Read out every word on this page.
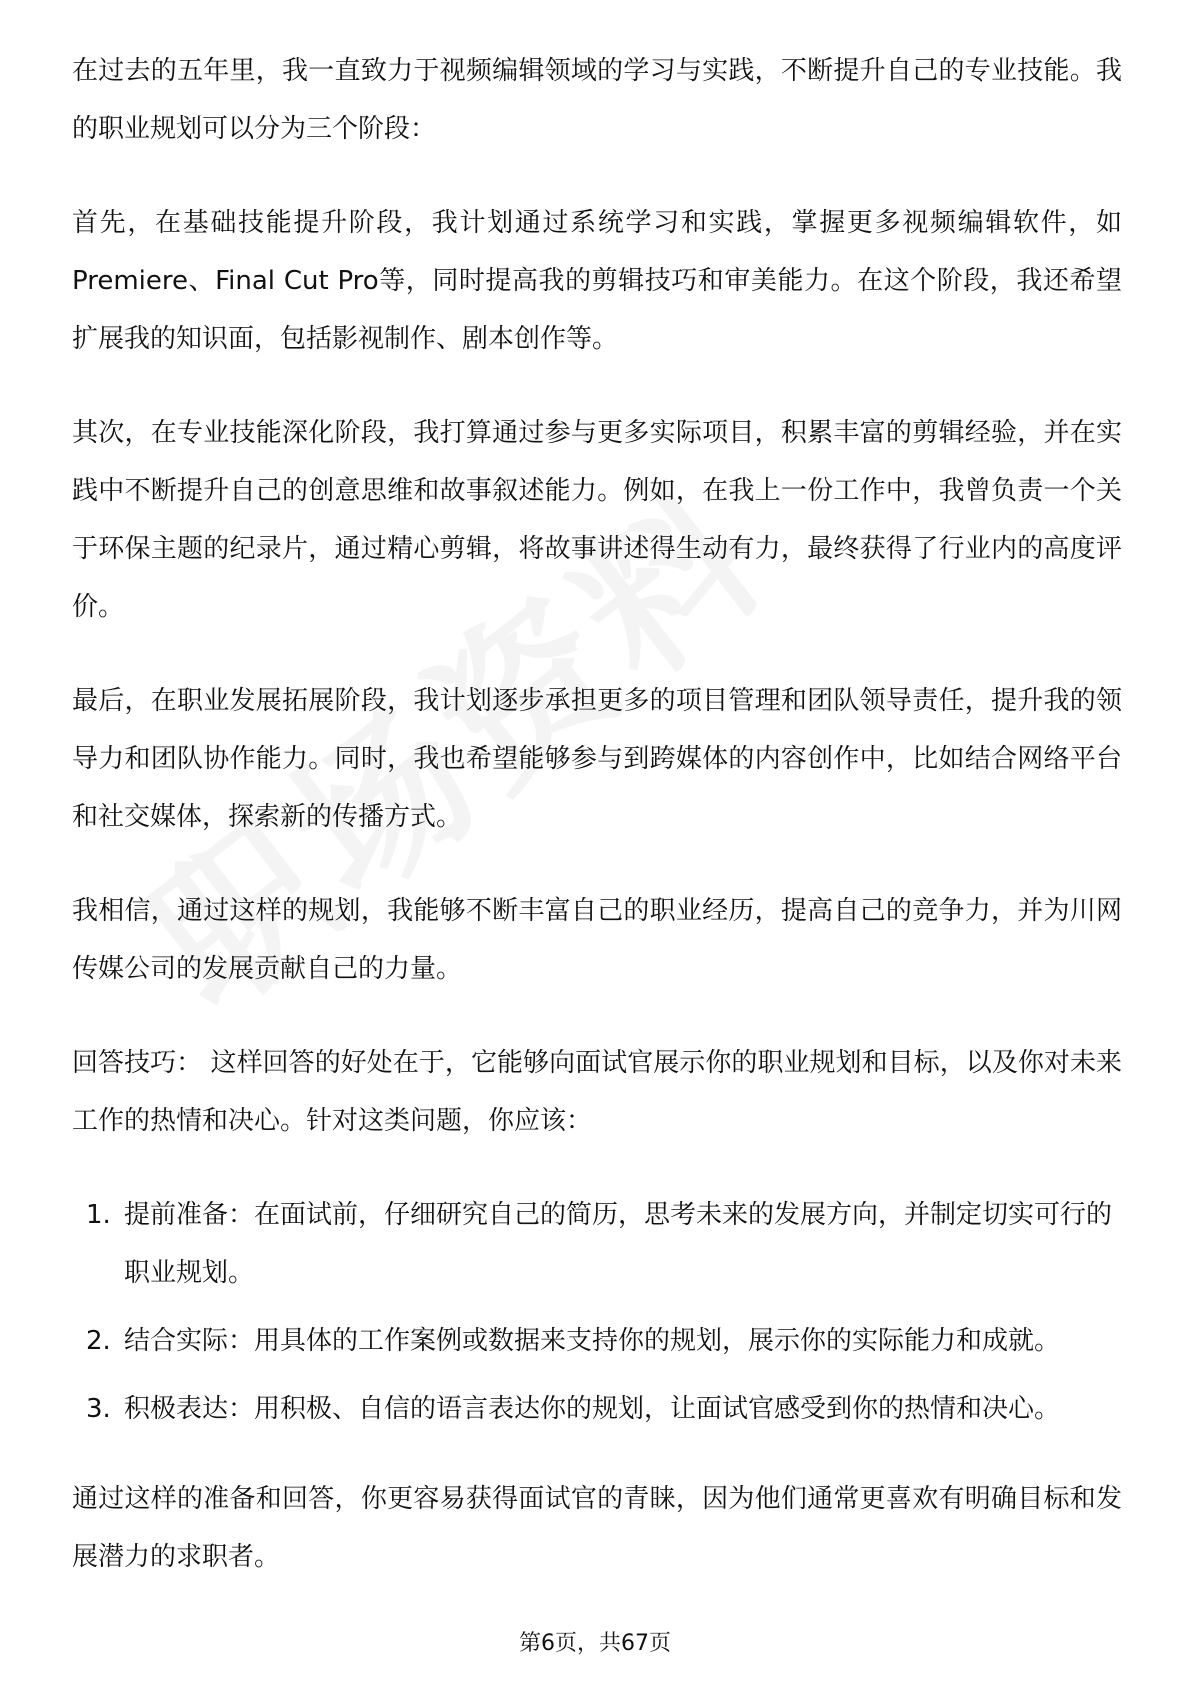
在过去的五年里，我一直致力于视频编辑领域的学习与实践，不断提升自己的专业技能。我的职业规划可以分为三个阶段：

首先，在基础技能提升阶段，我计划通过系统学习和实践，掌握更多视频编辑软件，如Premiere、Final Cut Pro等，同时提高我的剪辑技巧和审美能力。在这个阶段，我还希望扩展我的知识面，包括影视制作、剧本创作等。

其次，在专业技能深化阶段，我打算通过参与更多实际项目，积累丰富的剪辑经验，并在实践中不断提升自己的创意思维和故事叙述能力。例如，在我上一份工作中，我曾负责一个关于环保主题的纪录片，通过精心剪辑，将故事讲述得生动有力，最终获得了行业内的高度评价。

最后，在职业发展拓展阶段，我计划逐步承担更多的项目管理和团队领导责任，提升我的领导力和团队协作能力。同时，我也希望能够参与到跨媒体的内容创作中，比如结合网络平台和社交媒体，探索新的传播方式。

我相信，通过这样的规划，我能够不断丰富自己的职业经历，提高自己的竞争力，并为川网传媒公司的发展贡献自己的力量。

回答技巧： 这样回答的好处在于，它能够向面试官展示你的职业规划和目标，以及你对未来工作的热情和决心。针对这类问题，你应该：

1. 提前准备：在面试前，仔细研究自己的简历，思考未来的发展方向，并制定切实可行的职业规划。
2. 结合实际：用具体的工作案例或数据来支持你的规划，展示你的实际能力和成就。
3. 积极表达：用积极、自信的语言表达你的规划，让面试官感受到你的热情和决心。

通过这样的准备和回答，你更容易获得面试官的青睐，因为他们通常更喜欢有明确目标和发展潜力的求职者。

第6页，共67页
